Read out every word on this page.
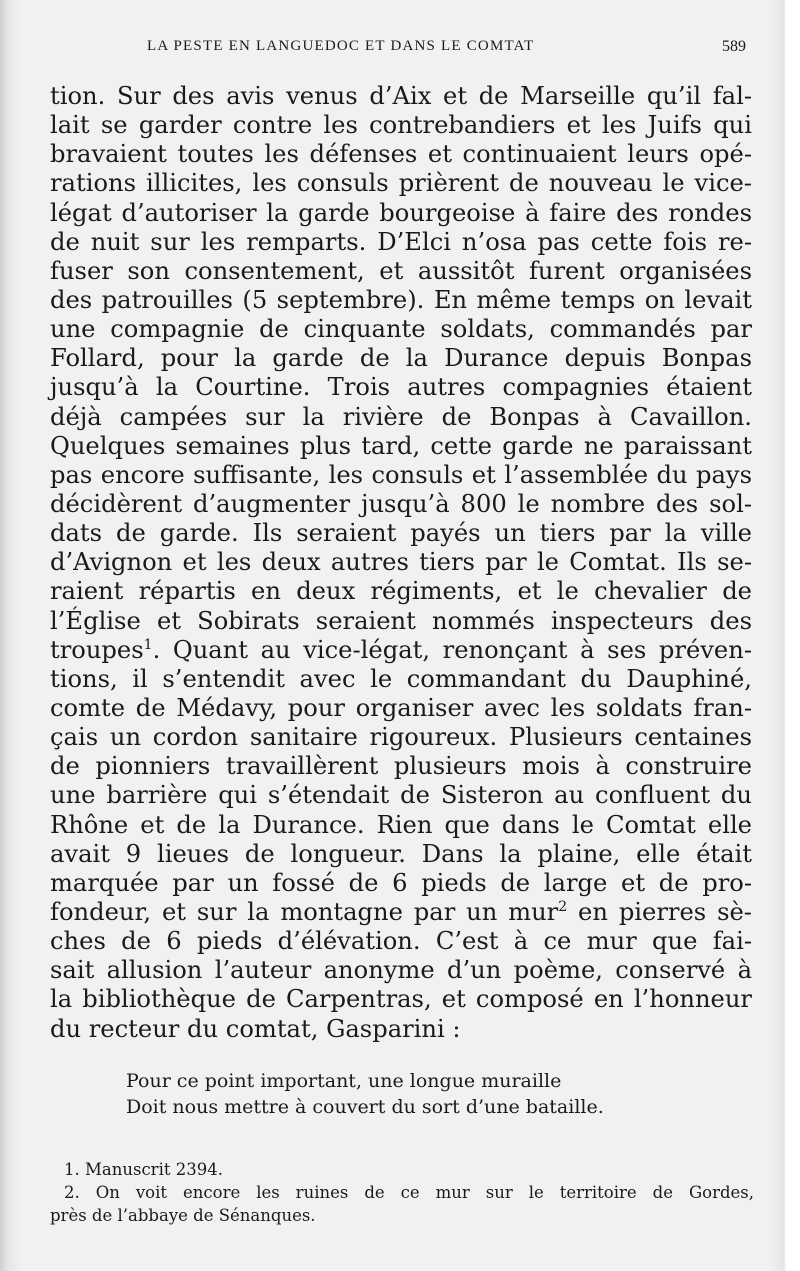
LA PESTE EN LANGUEDOC ET DANS LE COMTAT	589
tion. Sur des avis venus d’Aix et de Marseille qu’il fal-
lait se garder contre les contrebandiers et les Juifs qui
bravaient toutes les défenses et continuaient leurs opé-
rations illicites, les consuls prièrent de nouveau le vice-
légat d’autoriser la garde bourgeoise à faire des rondes
de nuit sur les remparts. D’Elci n’osa pas cette fois re-
fuser son consentement, et aussitôt furent organisées
des patrouilles (5 septembre). En même temps on levait
une compagnie de cinquante soldats, commandés par
Follard, pour la garde de la Durance depuis Bonpas
jusqu’à la Courtine. Trois autres compagnies étaient
déjà campées sur la rivière de Bonpas à Cavaillon.
Quelques semaines plus tard, cette garde ne paraissant
pas encore suffisante, les consuls et l’assemblée du pays
décidèrent d’augmenter jusqu’à 800 le nombre des sol-
dats de garde. Ils seraient payés un tiers par la ville
d’Avignon et les deux autres tiers par le Comtat. Ils se-
raient répartis en deux régiments, et le chevalier de
l’Église et Sobirats seraient nommés inspecteurs des
troupes$^1$. Quant au vice-légat, renonçant à ses préven-
tions, il s’entendit avec le commandant du Dauphiné,
comte de Médavy, pour organiser avec les soldats fran-
çais un cordon sanitaire rigoureux. Plusieurs centaines
de pionniers travaillèrent plusieurs mois à construire
une barrière qui s’étendait de Sisteron au confluent du
Rhône et de la Durance. Rien que dans le Comtat elle
avait 9 lieues de longueur. Dans la plaine, elle était
marquée par un fossé de 6 pieds de large et de pro-
fondeur, et sur la montagne par un mur$^2$ en pierres sè-
ches de 6 pieds d’élévation. C’est à ce mur que fai-
sait allusion l’auteur anonyme d’un poème, conservé à
la bibliothèque de Carpentras, et composé en l’honneur
du recteur du comtat, Gasparini :
Pour ce point important, une longue muraille
Doit nous mettre à couvert du sort d’une bataille.
1. Manuscrit 2394.
2. On voit encore les ruines de ce mur sur le territoire de Gordes,
près de l’abbaye de Sénanques.
